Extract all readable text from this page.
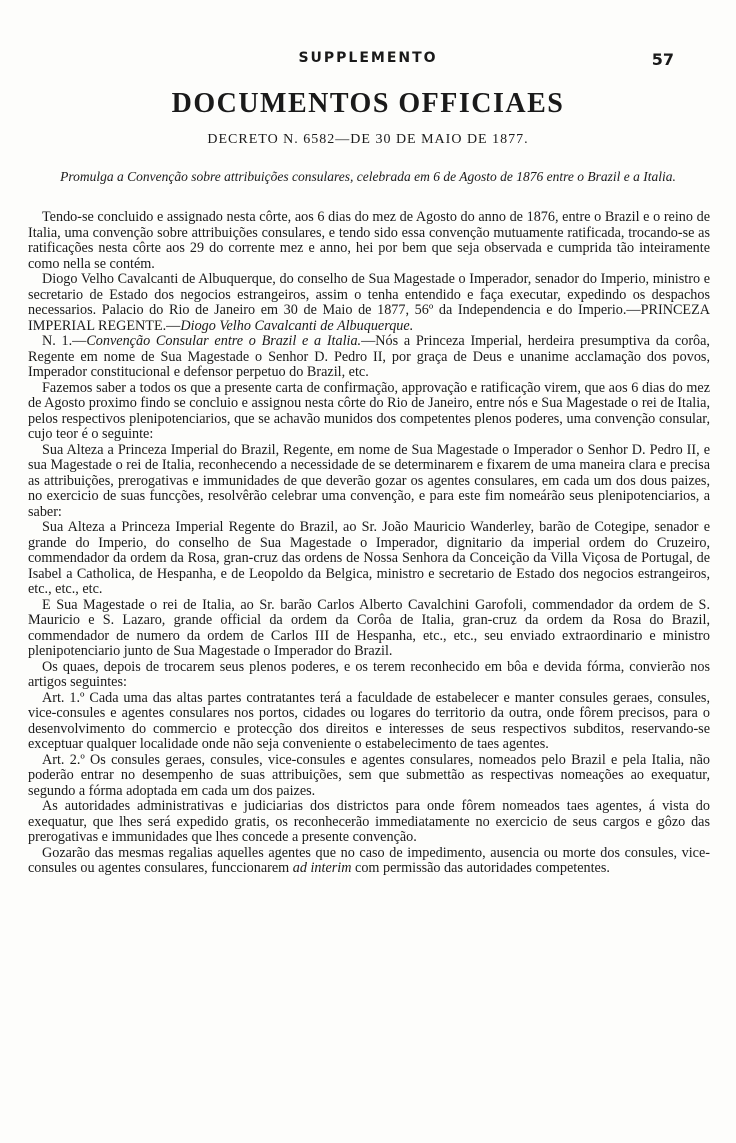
SUPPLEMENTO	57
DOCUMENTOS OFFICIAES
DECRETO N. 6582—DE 30 DE MAIO DE 1877.
Promulga a Convenção sobre attribuições consulares, celebrada em 6 de Agosto de 1876 entre o Brazil e a Italia.

Tendo-se concluido e assignado nesta côrte, aos 6 dias do mez de Agosto do anno de 1876, entre o Brazil e o reino de Italia, uma convenção sobre attribuições consulares, e tendo sido essa convenção mutuamente ratificada, trocando-se as ratificações nesta côrte aos 29 do corrente mez e anno, hei por bem que seja observada e cumprida tão inteiramente como nella se contém.

Diogo Velho Cavalcanti de Albuquerque, do conselho de Sua Magestade o Imperador, senador do Imperio, ministro e secretario de Estado dos negocios estrangeiros, assim o tenha entendido e faça executar, expedindo os despachos necessarios. Palacio do Rio de Janeiro em 30 de Maio de 1877, 56º da Independencia e do Imperio.—PRINCEZA IMPERIAL REGENTE.—Diogo Velho Cavalcanti de Albuquerque.

N. 1.—Convenção Consular entre o Brazil e a Italia.—Nós a Princeza Imperial, herdeira presumptiva da corôa, Regente em nome de Sua Magestade o Senhor D. Pedro II, por graça de Deus e unanime acclamação dos povos, Imperador constitucional e defensor perpetuo do Brazil, etc.

Fazemos saber a todos os que a presente carta de confirmação, approvação e ratificação virem, que aos 6 dias do mez de Agosto proximo findo se concluio e assignou nesta côrte do Rio de Janeiro, entre nós e Sua Magestade o rei de Italia, pelos respectivos plenipotenciarios, que se achavão munidos dos competentes plenos poderes, uma convenção consular, cujo teor é o seguinte:

Sua Alteza a Princeza Imperial do Brazil, Regente, em nome de Sua Magestade o Imperador o Senhor D. Pedro II, e sua Magestade o rei de Italia, reconhecendo a necessidade de se determinarem e fixarem de uma maneira clara e precisa as attribuições, prerogativas e immunidades de que deverão gozar os agentes consulares, em cada um dos dous paizes, no exercicio de suas funcções, resolvêrão celebrar uma convenção, e para este fim nomeárão seus plenipotenciarios, a saber:

Sua Alteza a Princeza Imperial Regente do Brazil, ao Sr. João Mauricio Wanderley, barão de Cotegipe, senador e grande do Imperio, do conselho de Sua Magestade o Imperador, dignitario da imperial ordem do Cruzeiro, commendador da ordem da Rosa, gran-cruz das ordens de Nossa Senhora da Conceição da Villa Viçosa de Portugal, de Isabel a Catholica, de Hespanha, e de Leopoldo da Belgica, ministro e secretario de Estado dos negocios estrangeiros, etc., etc., etc.

E Sua Magestade o rei de Italia, ao Sr. barão Carlos Alberto Cavalchini Garofoli, commendador da ordem de S. Mauricio e S. Lazaro, grande official da ordem da Corôa de Italia, gran-cruz da ordem da Rosa do Brazil, commendador de numero da ordem de Carlos III de Hespanha, etc., etc., seu enviado extraordinario e ministro plenipotenciario junto de Sua Magestade o Imperador do Brazil.

Os quaes, depois de trocarem seus plenos poderes, e os terem reconhecido em bôa e devida fórma, convierão nos artigos seguintes:

Art. 1.º Cada uma das altas partes contratantes terá a faculdade de estabelecer e manter consules geraes, consules, vice-consules e agentes consulares nos portos, cidades ou logares do territorio da outra, onde fôrem precisos, para o desenvolvimento do commercio e protecção dos direitos e interesses de seus respectivos subditos, reservando-se exceptuar qualquer localidade onde não seja conveniente o estabelecimento de taes agentes.

Art. 2.º Os consules geraes, consules, vice-consules e agentes consulares, nomeados pelo Brazil e pela Italia, não poderão entrar no desempenho de suas attribuições, sem que submettão as respectivas nomeações ao exequatur, segundo a fórma adoptada em cada um dos paizes.

As autoridades administrativas e judiciarias dos districtos para onde fôrem nomeados taes agentes, á vista do exequatur, que lhes será expedido gratis, os reconhecerão immediatamente no exercicio de seus cargos e gôzo das prerogativas e immunidades que lhes concede a presente convenção.

Gozarão das mesmas regalias aquelles agentes que no caso de impedimento, ausencia ou morte dos consules, vice-consules ou agentes consulares, funccionarem ad interim com permissão das autoridades competentes.
